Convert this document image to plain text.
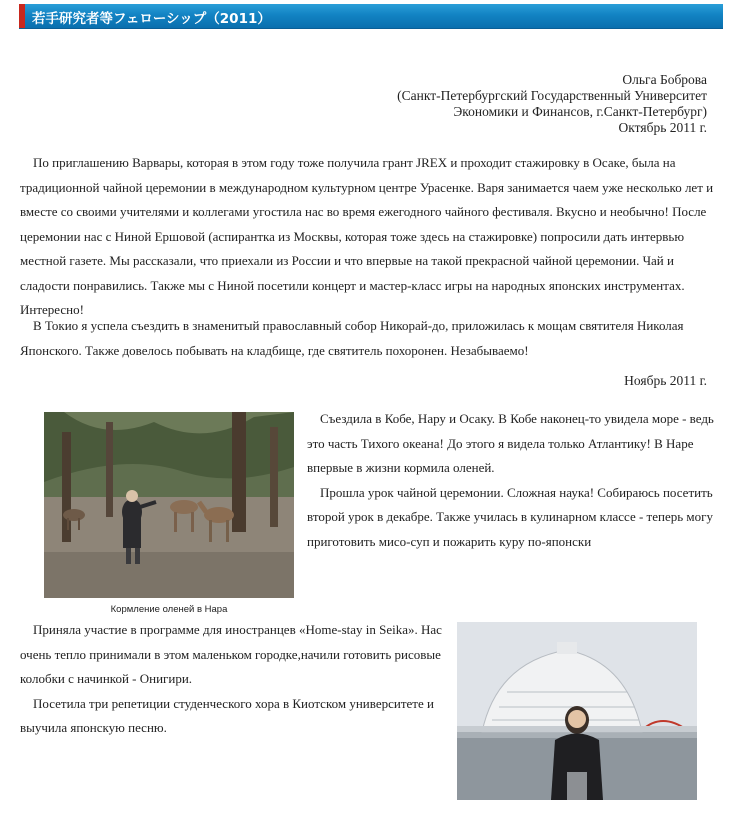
若手研究者等フェローシップ（2011）
Ольга Боброва
(Санкт-Петербургский Государственный Университет
Экономики и Финансов, г.Санкт-Петербург)
Октябрь 2011 г.
По приглашению Варвары, которая в этом году тоже получила грант JREX и проходит стажировку в Осаке, была на традиционной чайной церемонии в международном культурном центре Урасенке. Варя занимается чаем уже несколько лет и вместе со своими учителями и коллегами угостила нас во время ежегодного чайного фестиваля. Вкусно и необычно! После церемонии нас с Ниной Ершовой (аспирантка из Москвы, которая тоже здесь на стажировке) попросили дать интервью местной газете. Мы рассказали, что приехали из России и что впервые на такой прекрасной чайной церемонии. Чай и сладости понравились. Также мы с Ниной посетили концерт и мастер-класс игры на народных японских инструментах. Интересно!
В Токио я успела съездить в знаменитый православный собор Никорай-до, приложилась к мощам святителя Николая Японского. Также довелось побывать на кладбище, где святитель похоронен. Незабываемо!
Ноябрь 2011 г.
Кормление оленей в Нара
Съездила в Кобе, Нару и Осаку. В Кобе наконец-то увидела море - ведь это часть Тихого океана! До этого я видела только Атлантику! В Наре впервые в жизни кормила оленей.
Прошла урок чайной церемонии. Сложная наука! Собираюсь посетить второй урок в декабре. Также училась в кулинарном классе - теперь могу приготовить мисо-суп и пожарить куру по-японски
Приняла участие в программе для иностранцев «Home-stay in Seika». Нас очень тепло принимали в этом маленьком городке,начили готовить рисовые колобки с начинкой - Онигири.
Посетила три репетиции студенческого хора в Киотском университете и выучила японскую песню.
